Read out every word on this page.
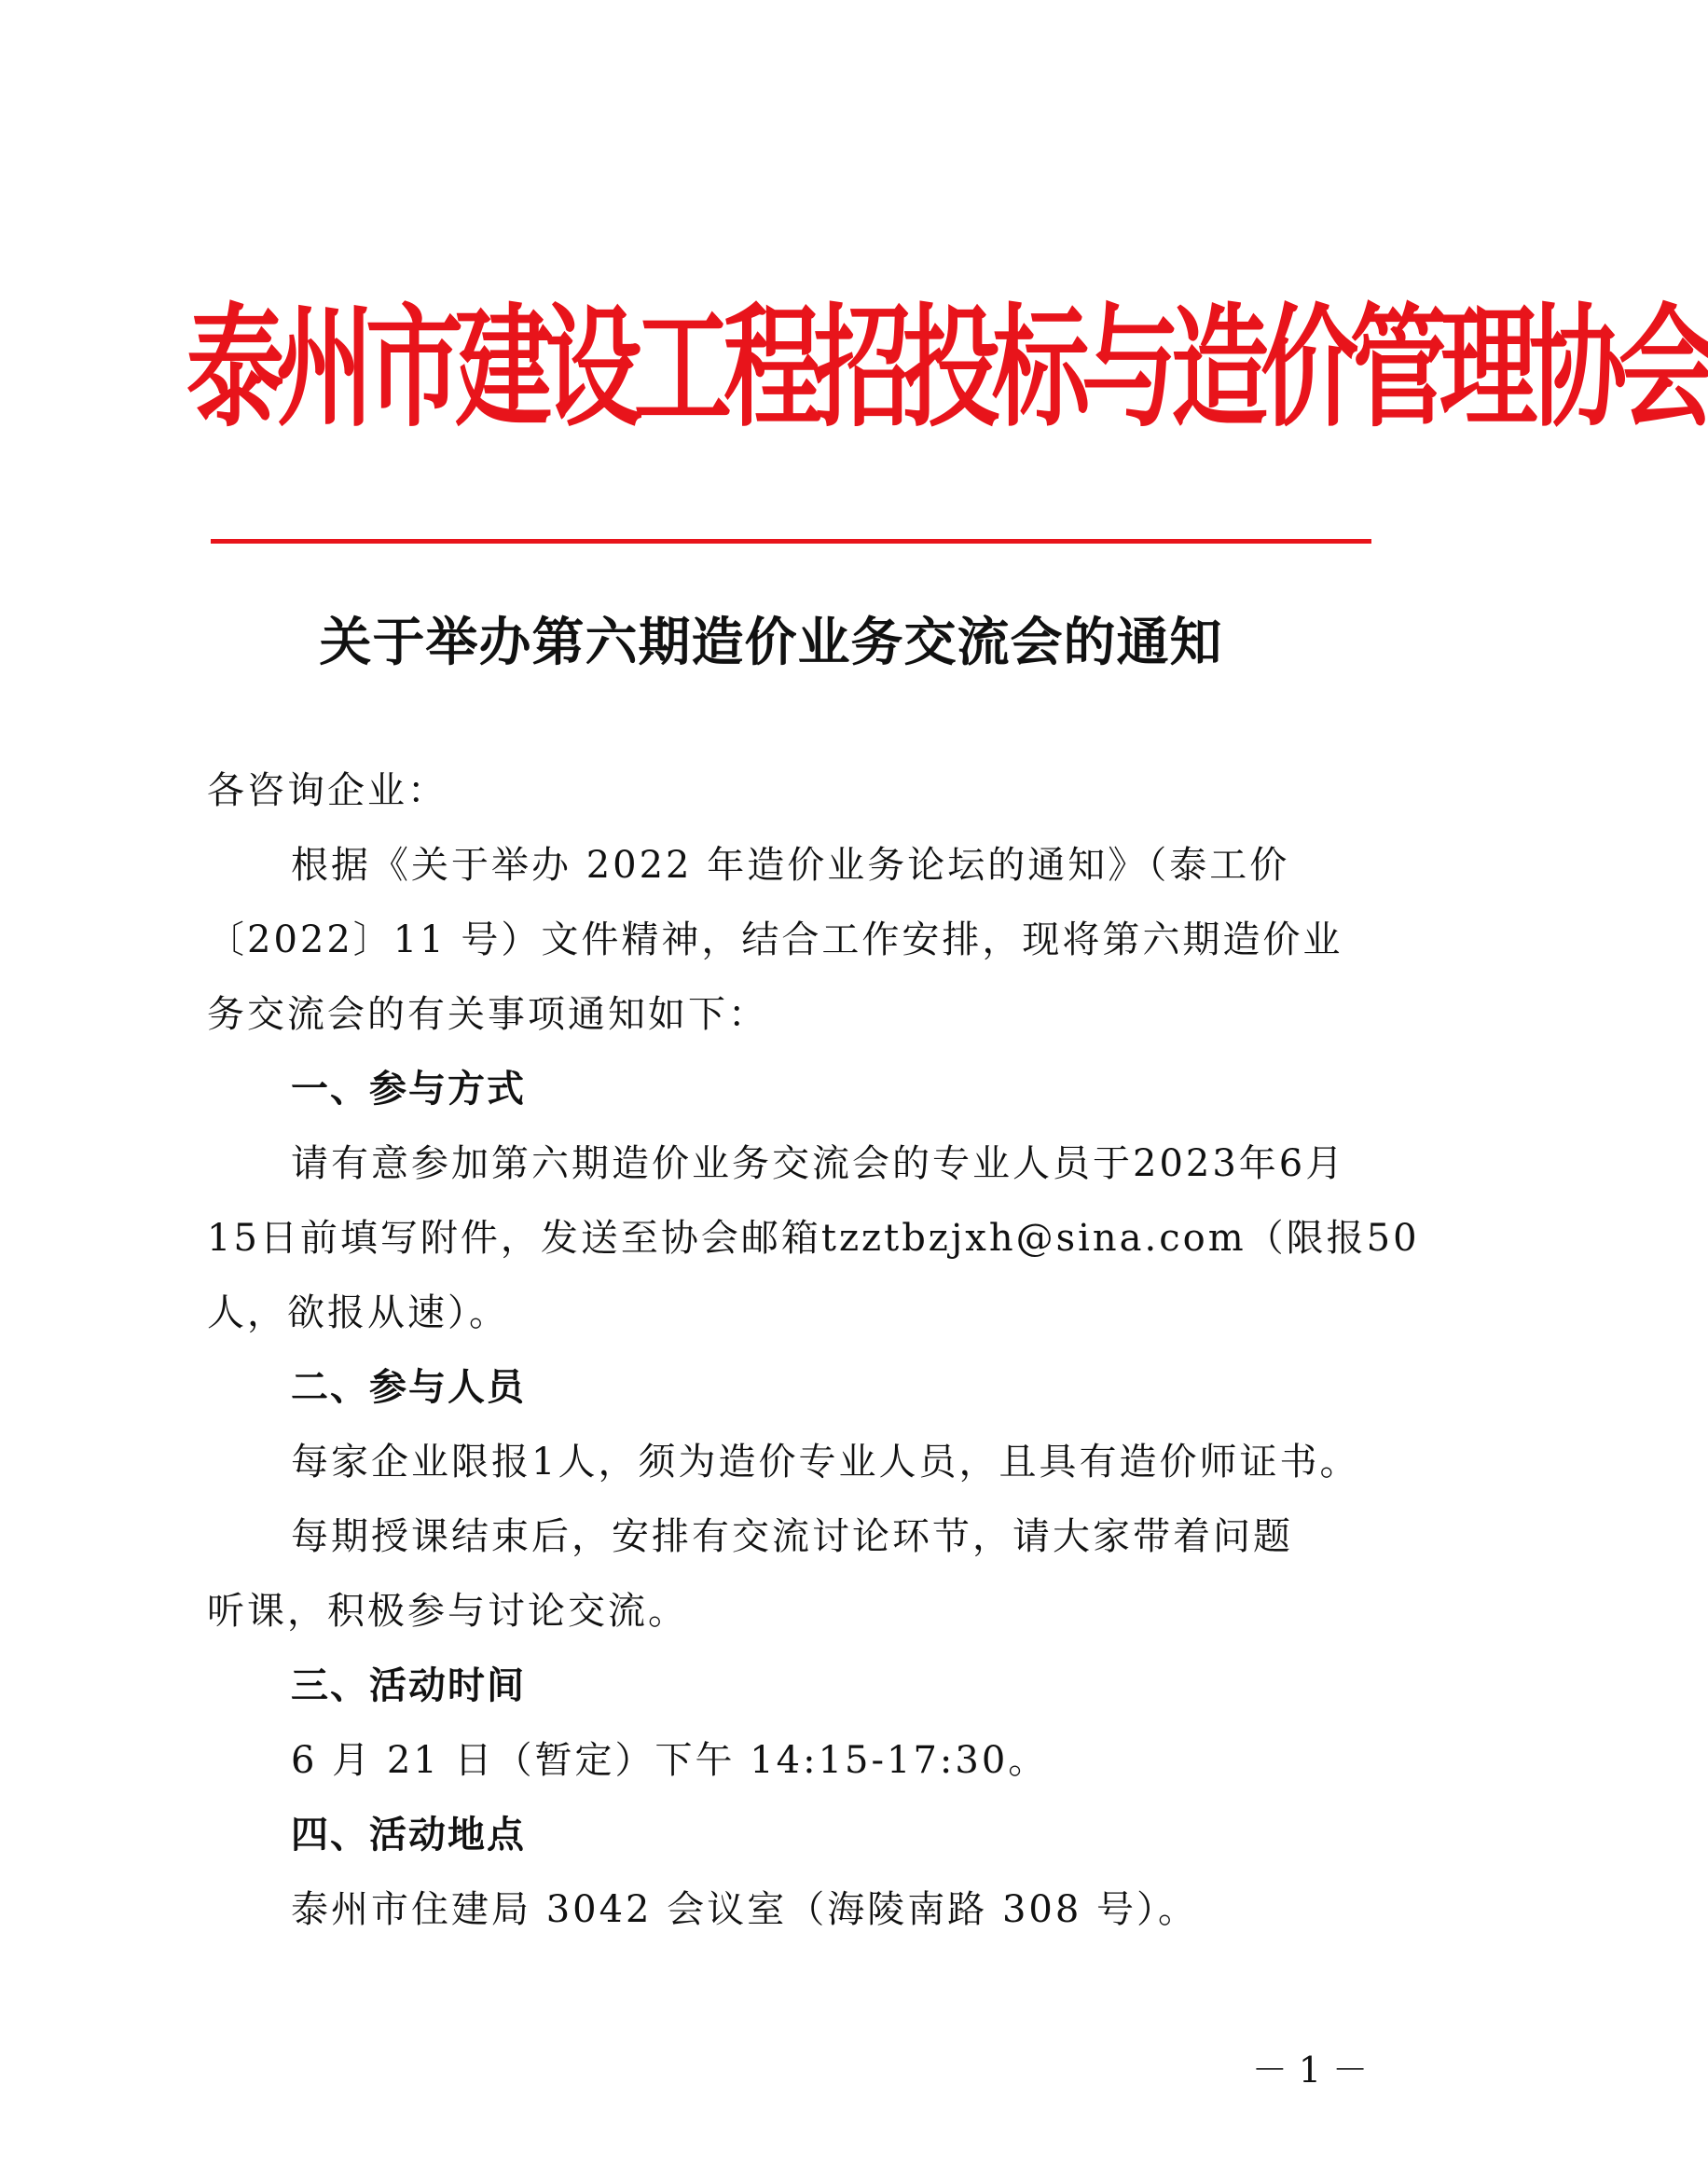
泰州市建设工程招投标与造价管理协会
关于举办第六期造价业务交流会的通知
各咨询企业：
根据《关于举办 2022 年造价业务论坛的通知》（泰工价
〔2022〕11 号）文件精神，结合工作安排，现将第六期造价业
务交流会的有关事项通知如下：
一、参与方式
请有意参加第六期造价业务交流会的专业人员于2023年6月
15日前填写附件，发送至协会邮箱tzztbzjxh@sina.com（限报50
人，欲报从速）。
二、参与人员
每家企业限报1人，须为造价专业人员，且具有造价师证书。
每期授课结束后，安排有交流讨论环节，请大家带着问题
听课，积极参与讨论交流。
三、活动时间
6 月 21 日（暂定）下午 14:15-17:30。
四、活动地点
泰州市住建局 3042 会议室（海陵南路 308 号）。
－ 1 －
